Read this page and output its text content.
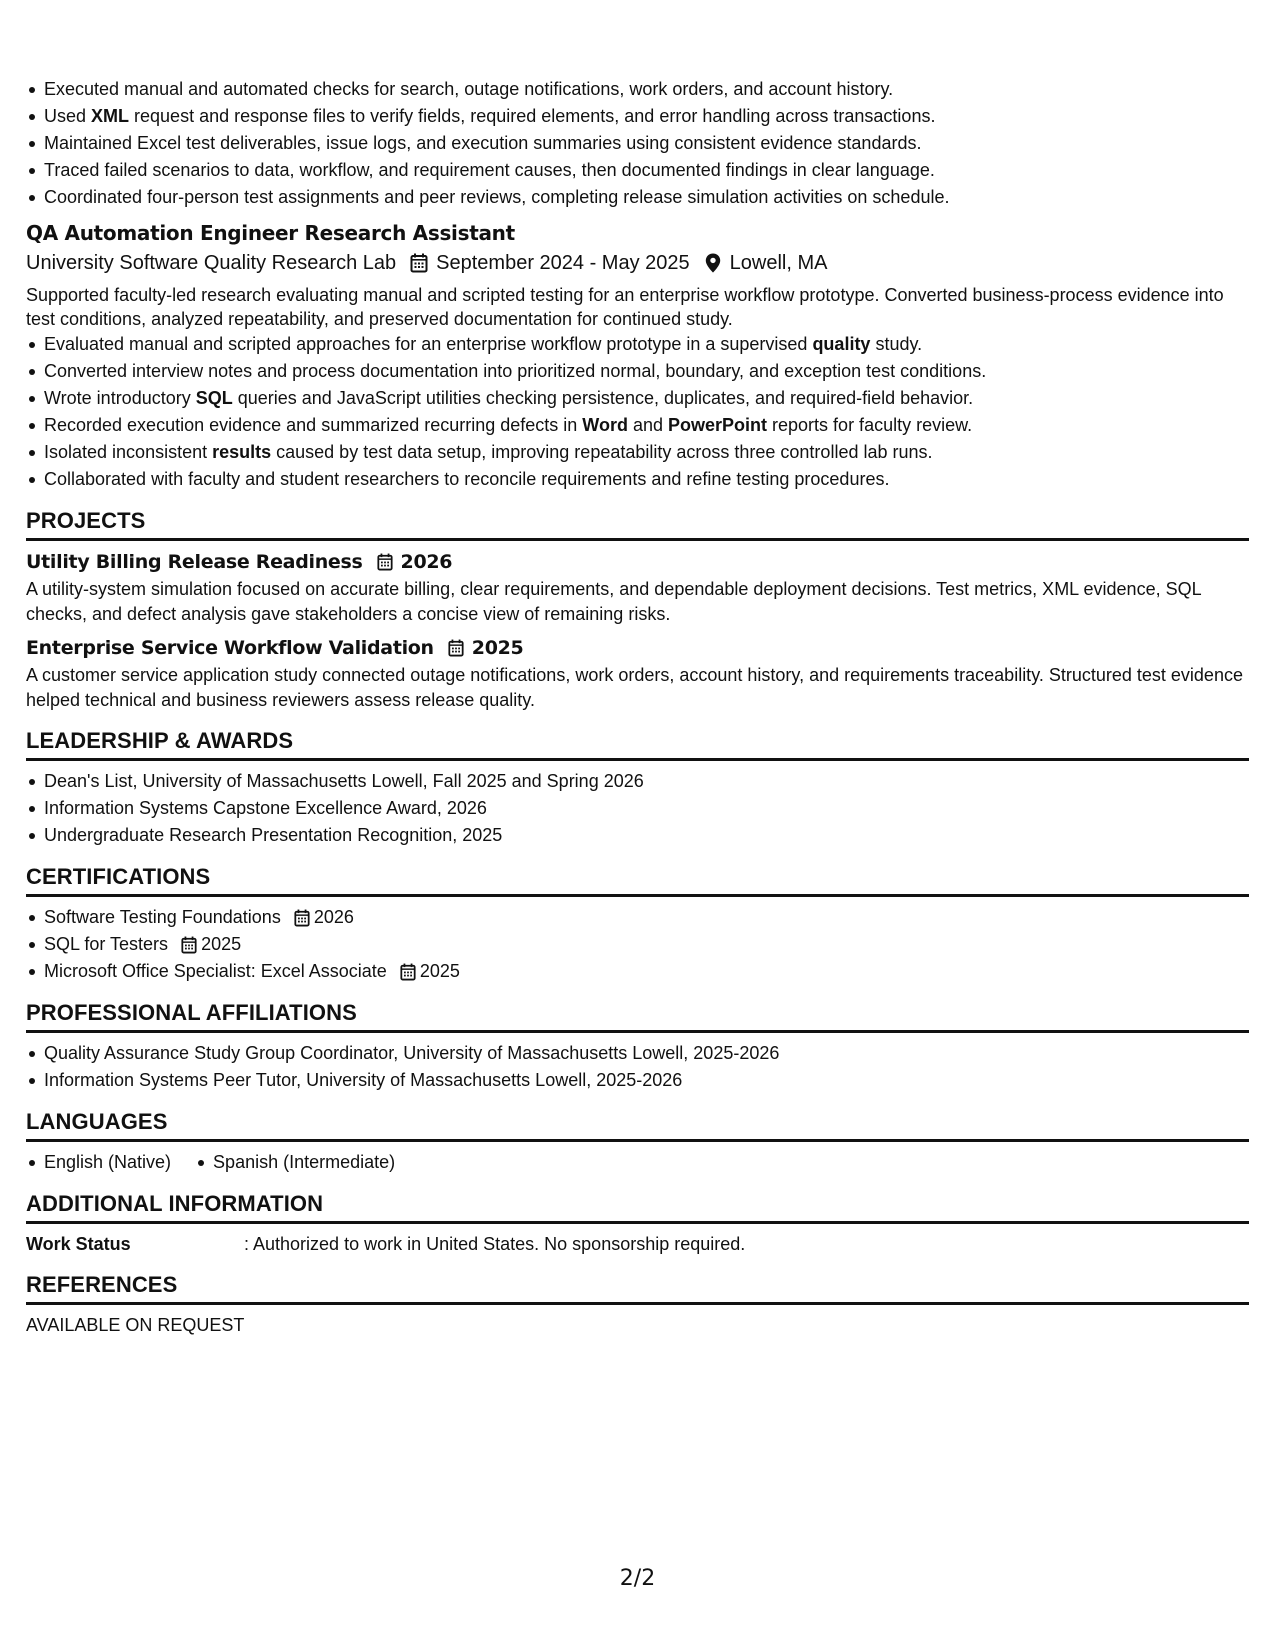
Executed manual and automated checks for search, outage notifications, work orders, and account history.
Used XML request and response files to verify fields, required elements, and error handling across transactions.
Maintained Excel test deliverables, issue logs, and execution summaries using consistent evidence standards.
Traced failed scenarios to data, workflow, and requirement causes, then documented findings in clear language.
Coordinated four-person test assignments and peer reviews, completing release simulation activities on schedule.
QA Automation Engineer Research Assistant
University Software Quality Research Lab September 2024 - May 2025 Lowell, MA
Supported faculty-led research evaluating manual and scripted testing for an enterprise workflow prototype. Converted business-process evidence into test conditions, analyzed repeatability, and preserved documentation for continued study.
Evaluated manual and scripted approaches for an enterprise workflow prototype in a supervised quality study.
Converted interview notes and process documentation into prioritized normal, boundary, and exception test conditions.
Wrote introductory SQL queries and JavaScript utilities checking persistence, duplicates, and required-field behavior.
Recorded execution evidence and summarized recurring defects in Word and PowerPoint reports for faculty review.
Isolated inconsistent results caused by test data setup, improving repeatability across three controlled lab runs.
Collaborated with faculty and student researchers to reconcile requirements and refine testing procedures.
PROJECTS
Utility Billing Release Readiness 2026
A utility-system simulation focused on accurate billing, clear requirements, and dependable deployment decisions. Test metrics, XML evidence, SQL checks, and defect analysis gave stakeholders a concise view of remaining risks.
Enterprise Service Workflow Validation 2025
A customer service application study connected outage notifications, work orders, account history, and requirements traceability. Structured test evidence helped technical and business reviewers assess release quality.
LEADERSHIP & AWARDS
Dean's List, University of Massachusetts Lowell, Fall 2025 and Spring 2026
Information Systems Capstone Excellence Award, 2026
Undergraduate Research Presentation Recognition, 2025
CERTIFICATIONS
Software Testing Foundations 2026
SQL for Testers 2025
Microsoft Office Specialist: Excel Associate 2025
PROFESSIONAL AFFILIATIONS
Quality Assurance Study Group Coordinator, University of Massachusetts Lowell, 2025-2026
Information Systems Peer Tutor, University of Massachusetts Lowell, 2025-2026
LANGUAGES
English (Native)	Spanish (Intermediate)
ADDITIONAL INFORMATION
Work Status	: Authorized to work in United States. No sponsorship required.
REFERENCES
AVAILABLE ON REQUEST
2/2
